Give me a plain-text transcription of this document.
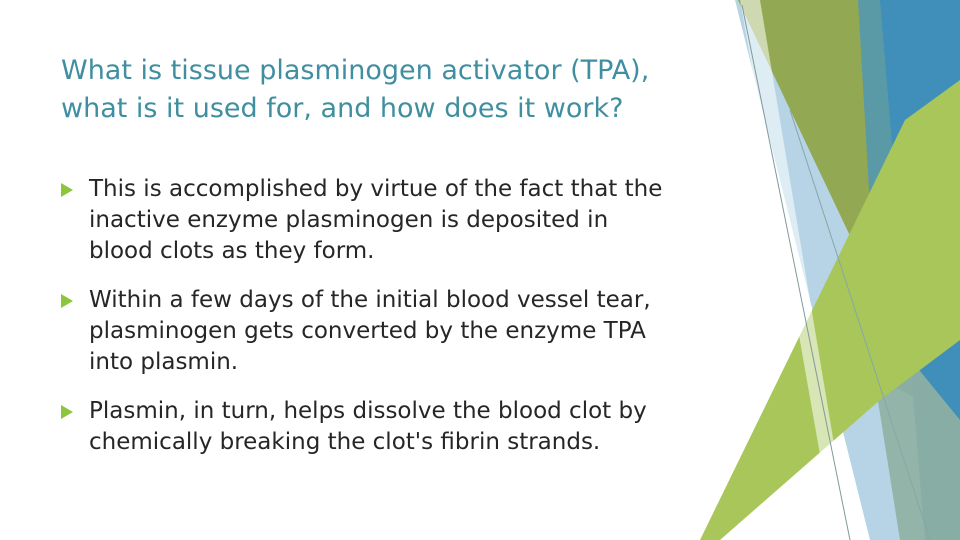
What is tissue plasminogen activator (TPA),
what is it used for, and how does it work?
This is accomplished by virtue of the fact that the
inactive enzyme plasminogen is deposited in
blood clots as they form.
Within a few days of the initial blood vessel tear,
plasminogen gets converted by the enzyme TPA
into plasmin.
Plasmin, in turn, helps dissolve the blood clot by
chemically breaking the clot's fibrin strands.
